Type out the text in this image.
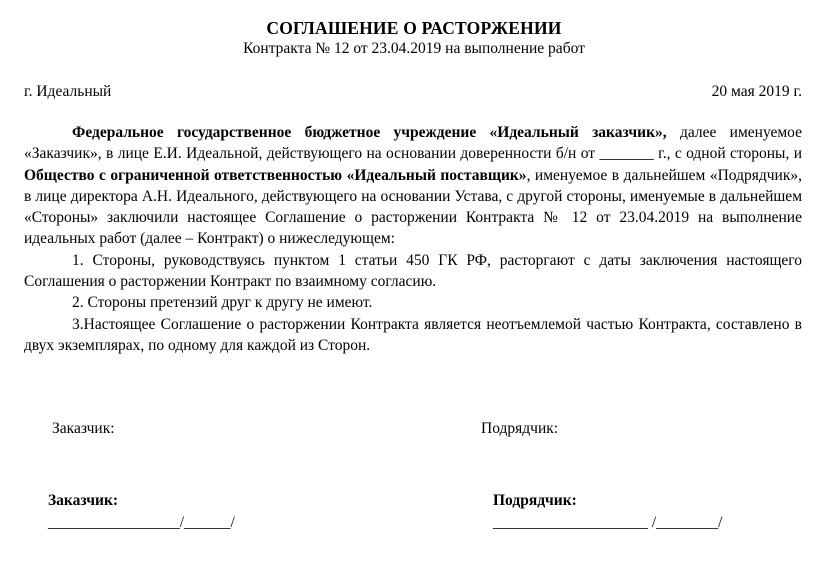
СОГЛАШЕНИЕ О РАСТОРЖЕНИИ
Контракта № 12 от 23.04.2019 на выполнение работ
г. Идеальный	20 мая 2019 г.

Федеральное государственное бюджетное учреждение «Идеальный заказчик», далее именуемое «Заказчик», в лице Е.И. Идеальной, действующего на основании доверенности б/н от _______ г., с одной стороны, и Общество с ограниченной ответственностью «Идеальный поставщик», именуемое в дальнейшем «Подрядчик», в лице директора А.Н. Идеального, действующего на основании Устава, с другой стороны, именуемые в дальнейшем «Стороны» заключили настоящее Соглашение о расторжении Контракта № 12 от 23.04.2019 на выполнение идеальных работ (далее – Контракт) о нижеследующем:

1. Стороны, руководствуясь пунктом 1 статьи 450 ГК РФ, расторгают с даты заключения настоящего Соглашения о расторжении Контракт по взаимному согласию.

2. Стороны претензий друг к другу не имеют.

3.Настоящее Соглашение о расторжении Контракта является неотъемлемой частью Контракта, составлено в двух экземплярах, по одному для каждой из Сторон.

Заказчик:	Подрядчик:
Заказчик:	Подрядчик:
_________________/______/	____________________ /________/
